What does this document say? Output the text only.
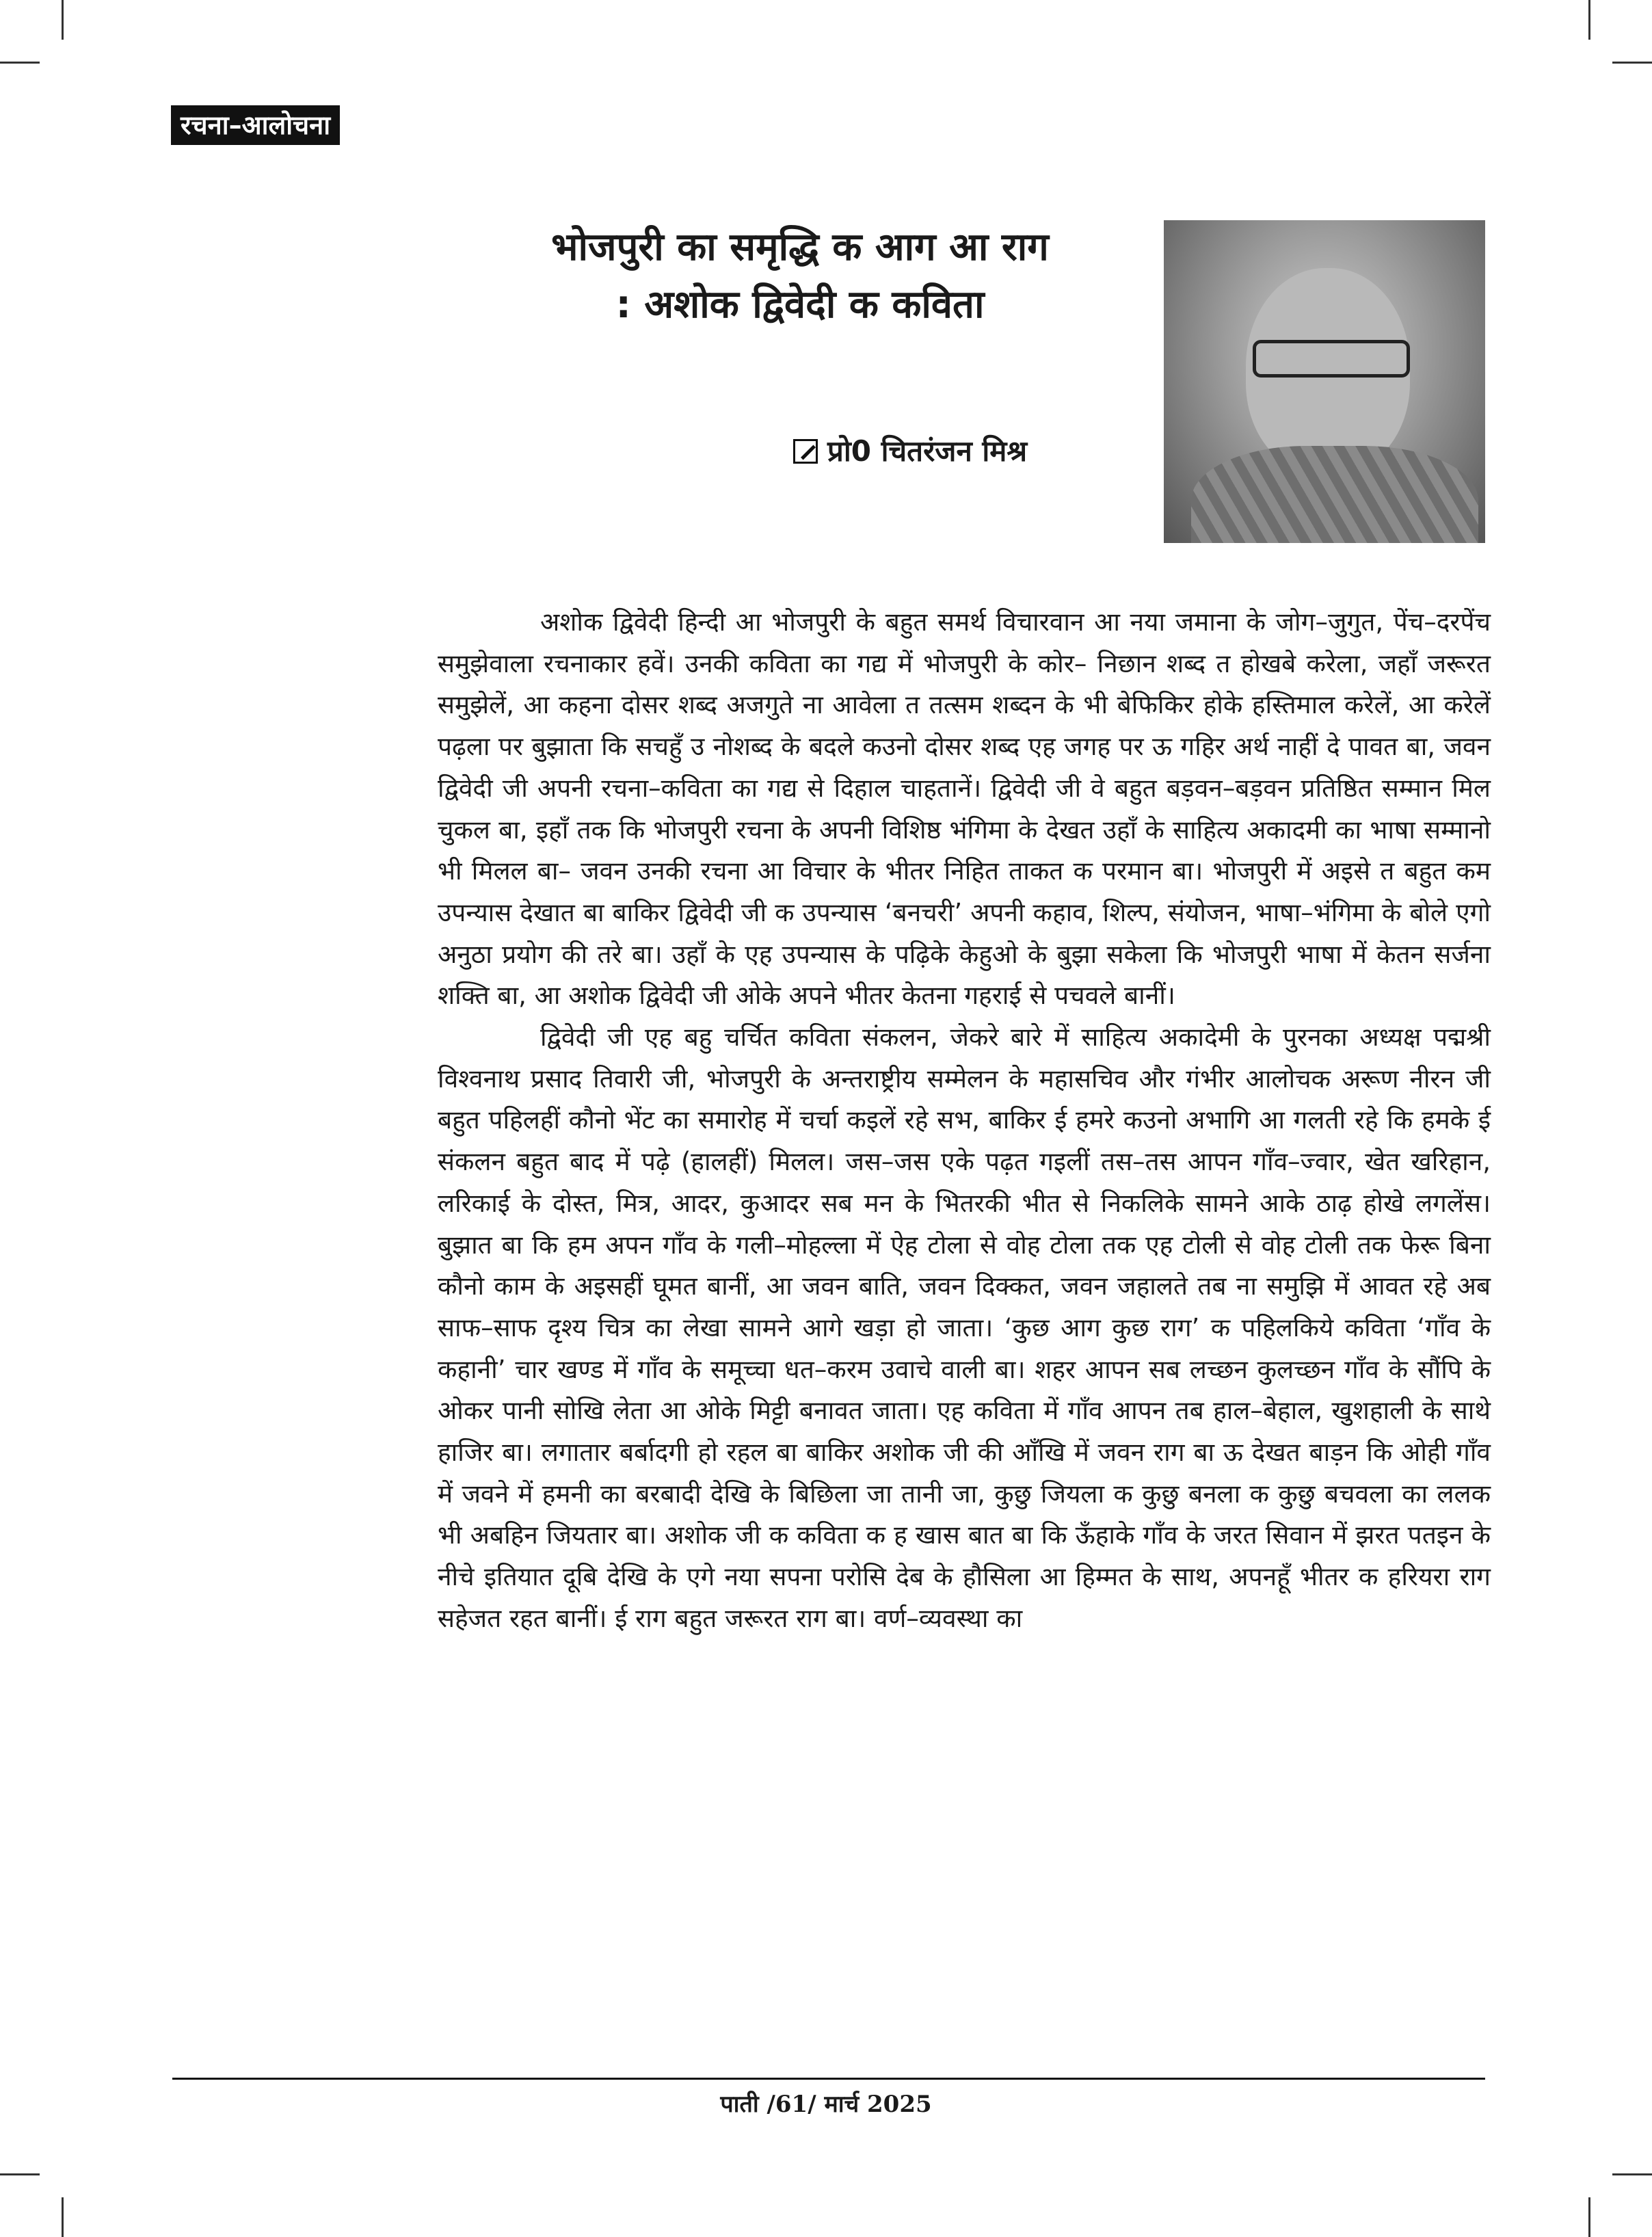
रचना–आलोचना
भोजपुरी का समृद्धि क आग आ राग
: अशोक द्विवेदी क कविता
प्रो0 चितरंजन मिश्र

अशोक द्विवेदी हिन्दी आ भोजपुरी के बहुत समर्थ विचारवान आ नया जमाना के जोग–जुगुत, पेंच–दरपेंच समुझेवाला रचनाकार हवें। उनकी कविता का गद्य में भोजपुरी के कोर– निछान शब्द त होखबे करेला, जहाँ जरूरत समुझेलें, आ कहना दोसर शब्द अजगुते ना आवेला त तत्सम शब्दन के भी बेफिकिर होके हस्तिमाल करेलें, आ करेलें पढ़ला पर बुझाता कि सचहुँ उ नोशब्द के बदले कउनो दोसर शब्द एह जगह पर ऊ गहिर अर्थ नाहीं दे पावत बा, जवन द्विवेदी जी अपनी रचना–कविता का गद्य से दिहाल चाहतानें। द्विवेदी जी वे बहुत बड़वन–बड़वन प्रतिष्ठित सम्मान मिल चुकल बा, इहाँ तक कि भोजपुरी रचना के अपनी विशिष्ठ भंगिमा के देखत उहाँ के साहित्य अकादमी का भाषा सम्मानो भी मिलल बा– जवन उनकी रचना आ विचार के भीतर निहित ताकत क परमान बा। भोजपुरी में अइसे त बहुत कम उपन्यास देखात बा बाकिर द्विवेदी जी क उपन्यास ‘बनचरी’ अपनी कहाव, शिल्प, संयोजन, भाषा–भंगिमा के बोले एगो अनुठा प्रयोग की तरे बा। उहाँ के एह उपन्यास के पढ़िके केहुओ के बुझा सकेला कि भोजपुरी भाषा में केतन सर्जना शक्ति बा, आ अशोक द्विवेदी जी ओके अपने भीतर केतना गहराई से पचवले बानीं।

द्विवेदी जी एह बहु चर्चित कविता संकलन, जेकरे बारे में साहित्य अकादेमी के पुरनका अध्यक्ष पद्मश्री विश्वनाथ प्रसाद तिवारी जी, भोजपुरी के अन्तराष्ट्रीय सम्मेलन के महासचिव और गंभीर आलोचक अरूण नीरन जी बहुत पहिलहीं कौनो भेंट का समारोह में चर्चा कइलें रहे सभ, बाकिर ई हमरे कउनो अभागि आ गलती रहे कि हमके ई संकलन बहुत बाद में पढ़े (हालहीं) मिलल। जस–जस एके पढ़त गइलीं तस–तस आपन गाँव–ज्वार, खेत खरिहान, लरिकाई के दोस्त, मित्र, आदर, कुआदर सब मन के भितरकी भीत से निकलिके सामने आके ठाढ़ होखे लगलेंस। बुझात बा कि हम अपन गाँव के गली–मोहल्ला में ऐह टोला से वोह टोला तक एह टोली से वोह टोली तक फेरू बिना कौनो काम के अइसहीं घूमत बानीं, आ जवन बाति, जवन दिक्कत, जवन जहालते तब ना समुझि में आवत रहे अब साफ–साफ दृश्य चित्र का लेखा सामने आगे खड़ा हो जाता। ‘कुछ आग कुछ राग’ क पहिलकिये कविता ‘गाँव के कहानी’ चार खण्ड में गाँव के समूच्चा धत–करम उवाचे वाली बा। शहर आपन सब लच्छन कुलच्छन गाँव के सौंपि के ओकर पानी सोखि लेता आ ओके मिट्टी बनावत जाता। एह कविता में गाँव आपन तब हाल–बेहाल, खुशहाली के साथे हाजिर बा। लगातार बर्बादगी हो रहल बा बाकिर अशोक जी की आँखि में जवन राग बा ऊ देखत बाड़न कि ओही गाँव में जवने में हमनी का बरबादी देखि के बिछिला जा तानी जा, कुछु जियला क कुछु बनला क कुछु बचवला का ललक भी अबहिन जियतार बा। अशोक जी क कविता क ह खास बात बा कि ऊँहाके गाँव के जरत सिवान में झरत पतइन के नीचे इतियात दूबि देखि के एगे नया सपना परोसि देब के हौसिला आ हिम्मत के साथ, अपनहूँ भीतर क हरियरा राग सहेजत रहत बानीं। ई राग बहुत जरूरत राग बा। वर्ण–व्यवस्था का

पाती /61/ मार्च 2025
